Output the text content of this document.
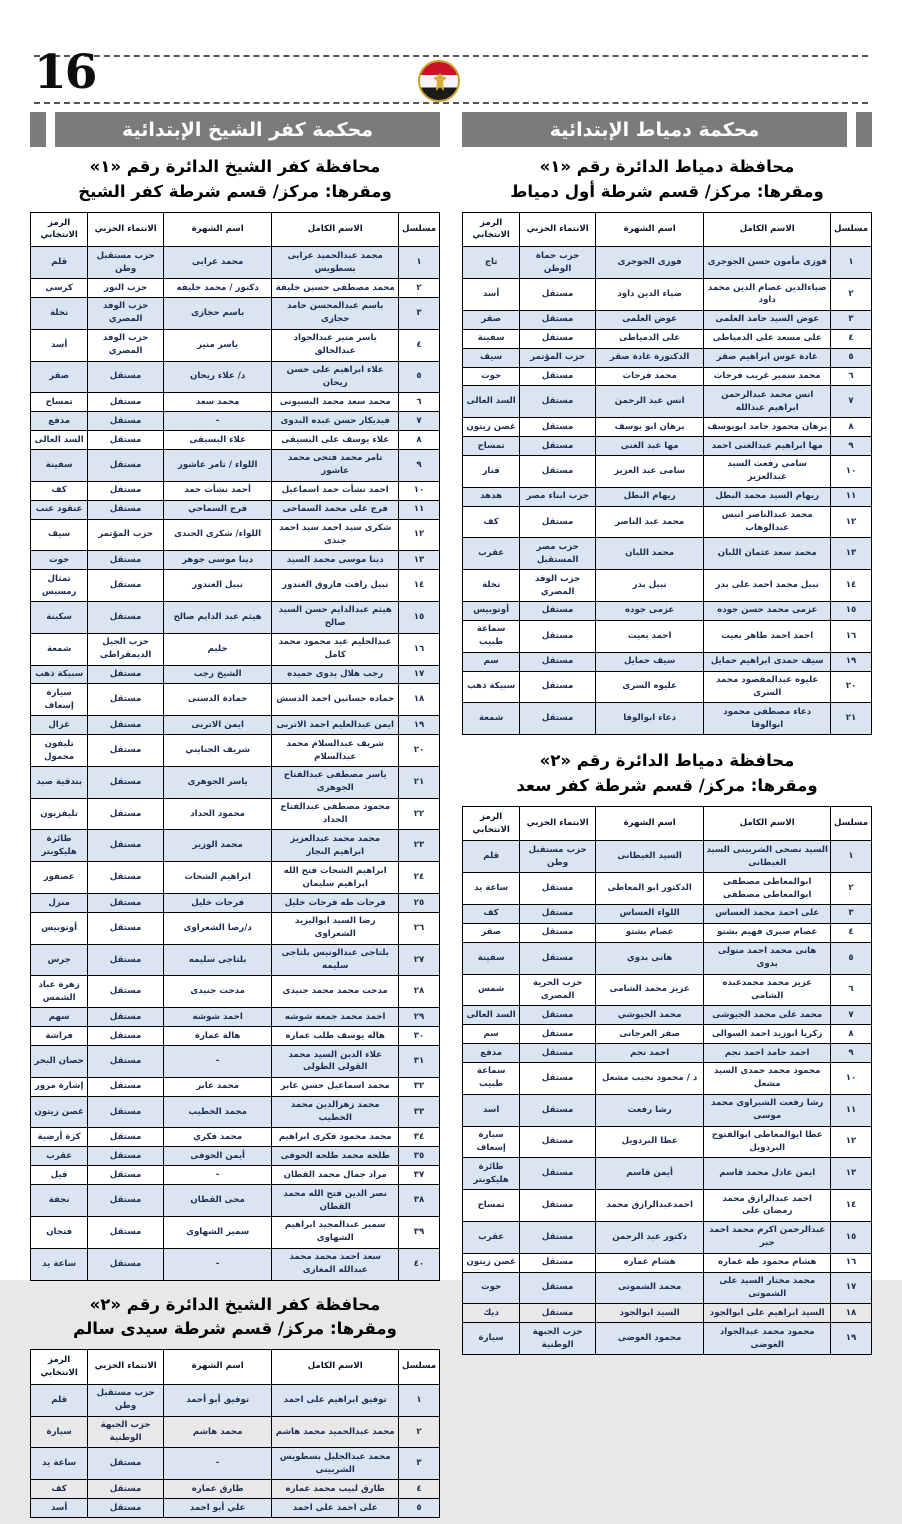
16
محكمة دمياط الإبتدائية
محافظة دمياط الدائرة رقم «١»
ومقرها: مركز/ قسم شرطة أول دمياط
مسلسل	الاسم الكامل	اسم الشهرة	الانتماء الحزبي	الرمز الانتخابي
١	فوزى مأمون حسن الجوجرى	فوزى الجوجرى	حزب حماة الوطن	تاج
٢	ضياءالدين عصام الدين محمد داود	ضياء الدين داود	مستقل	أسد
٣	عوض السيد حامد العلمى	عوض العلمى	مستقل	صقر
٤	على مسعد على الدمياطى	على الدمياطى	مستقل	سفينة
٥	غادة عوس ابراهيم صقر	الدكتورة غادة صقر	حزب المؤتمر	سيف
٦	محمد سمير غريب فرحات	محمد فرحات	مستقل	حوت
٧	انس محمد عبدالرحمن ابراهيم عبدالله	انس عبد الرحمن	مستقل	السد العالى
٨	برهان محمود حامد ابويوسف	برهان ابو يوسف	مستقل	غصن زيتون
٩	مها ابراهيم عبدالغنى احمد	مها عبد الغنى	مستقل	تمساح
١٠	سامى رفعت السيد عبدالعزيز	سامى عبد العزيز	مستقل	فنار
١١	ريهام السيد محمد البطل	ريهام البطل	حزب ابناء مصر	هدهد
١٢	محمد عبدالناصر انيس عبدالوهاب	محمد عبد الناصر	مستقل	كف
١٣	محمد سعد عثمان اللبان	محمد اللبان	حزب مصر المستقبل	عقرب
١٤	نبيل محمد احمد على بدر	نبيل بدر	حزب الوفد المصري	نخلة
١٥	عزمى محمد حسن جوده	عزمى جوده	مستقل	أوتوبيس
١٦	احمد احمد طاهر بعيت	احمد بعيت	مستقل	سماعة طبيب
١٩	سيف حمدى ابراهيم حمايل	سيف حمايل	مستقل	سم
٢٠	عليوه عبدالمقصود محمد السرى	عليوه السرى	مستقل	سبيكة ذهب
٢١	دعاء مصطفى محمود ابوالوفا	دعاء ابوالوفا	مستقل	شمعة
محافظة دمياط الدائرة رقم «٢»
ومقرها: مركز/ قسم شرطة كفر سعد
مسلسل	الاسم الكامل	اسم الشهرة	الانتماء الحزبي	الرمز الانتخابي
١	السيد نصحى الشربينى السيد الغيطانى	السيد الغيطانى	حزب مستقبل وطن	قلم
٢	ابوالمعاطى مصطفى ابوالمعاطى مصطفى	الدكتور ابو المعاطى	مستقل	ساعة يد
٣	على احمد محمد العساس	اللواء العساس	مستقل	كف
٤	عصام صبرى فهيم بشتو	عصام بشتو	مستقل	صقر
٥	هانى محمد احمد متولى بدوى	هانى بدوي	مستقل	سفينة
٦	عزيز محمد محمدعبده الشامى	عزيز محمد الشامى	حزب الحرية المصرى	شمس
٧	محمد على محمد الجيوشى	محمد الجيوشي	مستقل	السد العالى
٨	زكريا ابوزيد احمد السوالى	صقر العرجانى	مستقل	سم
٩	احمد حامد احمد نجم	احمد نجم	مستقل	مدفع
١٠	محمود محمد حمدى السيد مشعل	د / محمود نجيب مشعل	مستقل	سماعة طبيب
١١	رشا رفعت الشيراوى محمد موسى	رشا رفعت	مستقل	اسد
١٢	عطا ابوالمعاطى ابوالفتوح البردويل	عطا البردويل	مستقل	سيارة إسعاف
١٣	ايمن عادل محمد قاسم	أيمن قاسم	مستقل	طائرة هليكوبتر
١٤	احمد عبدالرازق محمد رمضان على	احمدعبدالرازق محمد	مستقل	تمساح
١٥	عبدالرحمن اكرم محمد احمد جبر	دكتور عبد الرحمن	مستقل	عقرب
١٦	هشام محمود طه عماره	هشام عماره	مستقل	غصن زيتون
١٧	محمد مختار السيد على الشموتى	محمد الشموتى	مستقل	حوت
١٨	السيد ابراهيم على ابوالجود	السيد ابوالجود	مستقل	ديك
١٩	محمود محمد عبدالجواد العوضى	محمود العوضى	حزب الجبهة الوطنية	سيارة
محكمة كفر الشيخ الإبتدائية
محافظة كفر الشيخ الدائرة رقم «١»
ومقرها: مركز/ قسم شرطة كفر الشيخ
مسلسل	الاسم الكامل	اسم الشهرة	الانتماء الحزبي	الرمز الانتخابي
١	محمد عبدالحميد عرابى بسطويس	محمد عرابى	حزب مستقبل وطن	قلم
٢	محمد مصطفى حسين خليفة	دكتور / محمد خليفه	حزب النور	كرسى
٣	باسم عبدالمحسن حامد حجازى	باسم حجازى	حزب الوفد المصري	نخلة
٤	ياسر منير عبدالجواد عبدالخالق	ياسر منير	حزب الوفد المصري	أسد
٥	علاء ابراهيم على حسن ريحان	د/ علاء ريحان	مستقل	صقر
٦	محمد سعد محمد البسيونى	محمد سعد	مستقل	تمساح
٧	فيديكار حسن عبده البدوى	-	مستقل	مدفع
٨	علاء يوسف على البسيقى	علاء البسيقى	مستقل	السد العالى
٩	تامر محمد فتحى محمد عاشور	اللواء / تامر عاشور	مستقل	سفينة
١٠	احمد نشأت حمد اسماعيل	أحمد نشأت حمد	مستقل	كف
١١	فرج على محمد السماحى	فرج السماحي	مستقل	عنقود عنب
١٢	شكرى سيد احمد سيد احمد جندى	اللواء/ شكرى الجندى	حزب المؤتمر	سيف
١٣	دينا موسى محمد السيد	دينا موسى جوهر	مستقل	حوت
١٤	نبيل رافت فاروق الغندور	نبيل الغندور	مستقل	تمثال رمسيس
١٥	هيثم عبدالدايم حسن السيد صالح	هيثم عبد الدايم صالح	مستقل	سكينة
١٦	عبدالحليم عيد محمود محمد كامل	حليم	حزب الجيل الديمقراطى	شمعة
١٧	رجب هلال بدوى حميده	الشيخ رجب	مستقل	سبيكة ذهب
١٨	حماده حسانين احمد الدسش	حمادة الدسنى	مستقل	سيارة إسعاف
١٩	ايمن عبدالعليم احمد الاتربى	ايمن الاتربى	مستقل	غزال
٢٠	شريف عبدالسلام محمد عبدالسلام	شريف الجنايني	مستقل	تليفون محمول
٢١	ياسر مصطفى عبدالفتاح الجوهرى	ياسر الجوهرى	مستقل	بندقية صيد
٢٢	محمود مصطفى عبدالفتاح الحداد	محمود الحداد	مستقل	تليفزيون
٢٣	محمد محمد عبدالعزيز ابراهيم النجار	محمد الوزير	مستقل	طائرة هليكوبتر
٢٤	ابراهيم الشحات فتح الله ابراهيم سليمان	ابراهيم الشحات	مستقل	عصفور
٢٥	فرحات طه فرحات خليل	فرحات خليل	مستقل	منزل
٢٦	رضا السيد ابواليزيد الشعراوى	د/رضا الشعراوى	مستقل	أوتوبيس
٢٧	بلتاجى عبدالونيس بلتاجى سليمه	بلتاجى سليمه	مستقل	جرس
٢٨	مدحت محمد محمد جنيدى	مدحت جنيدى	مستقل	زهرة عباد الشمس
٢٩	احمد محمد جمعه شوشه	احمد شوشه	مستقل	سهم
٣٠	هاله يوسف طلب عماره	هالة عمارة	مستقل	فراشة
٣١	علاء الدين السيد محمد القولى الطولى	-	مستقل	حصان البحر
٣٢	محمد اسماعيل حسن عابر	محمد عابر	مستقل	إشارة مرور
٣٣	محمد زهرالدين محمد الخطيب	محمد الخطيب	مستقل	غصن زيتون
٣٤	محمد محمود فكرى ابراهيم	محمد فكري	مستقل	كرة أرضية
٣٥	طلحه محمد طلحه الحوفى	أيمن الحوفى	مستقل	عقرب
٣٧	مراد جمال محمد القطان	-	مستقل	فيل
٣٨	نصر الدين فتح الله محمد القطان	محى القطان	مستقل	نجفة
٣٩	سمير عبدالمجيد ابراهيم الشهاوى	سمير الشهاوى	مستقل	فنجان
٤٠	سعد احمد محمد محمد عبدالله المغازى	-	مستقل	ساعة يد
محافظة كفر الشيخ الدائرة رقم «٢»
ومقرها: مركز/ قسم شرطة سيدى سالم
مسلسل	الاسم الكامل	اسم الشهرة	الانتماء الحزبي	الرمز الانتخابي
١	توفيق ابراهيم على احمد	توفيق أبو أحمد	حزب مستقبل وطن	قلم
٢	محمد عبدالحميد محمد هاشم	محمد هاشم	حزب الجبهة الوطنية	سيارة
٣	محمد عبدالجليل بسطويس الشربينى	-	مستقل	ساعة يد
٤	طارق لبيب محمد عماره	طارق عماره	مستقل	كف
٥	على احمد على احمد	علي أبو احمد	مستقل	أسد
